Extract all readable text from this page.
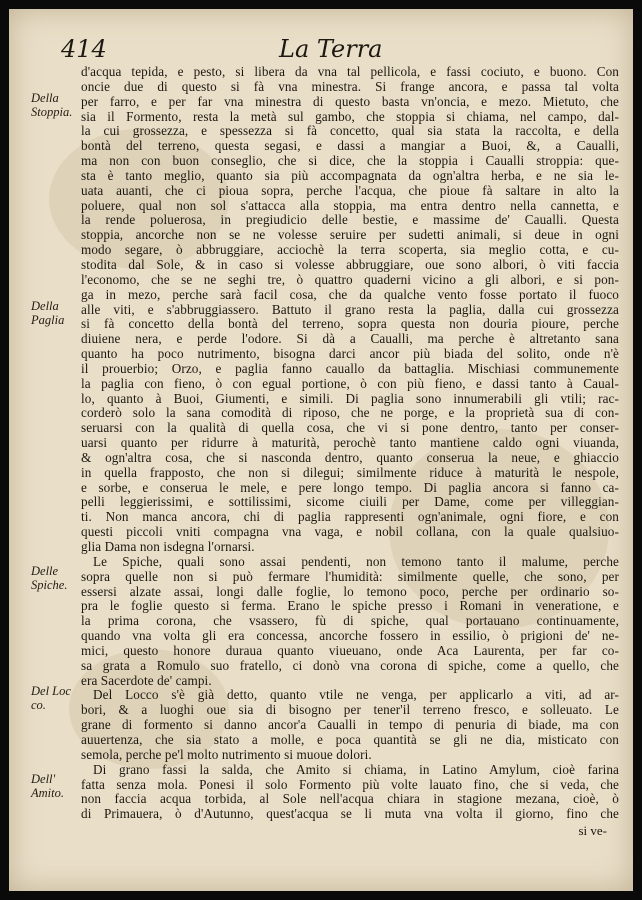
414	La Terra
Della
Stoppia.
Della
Paglia
Delle
Spiche.
Del Loc
co.
Dell'
Amito.
d'acqua tepida, e pesto, si libera da vna tal pellicola, e fassi cociuto, e buono. Con
oncie due di questo si fà vna minestra. Si frange ancora, e passa tal volta
per farro, e per far vna minestra di questo basta vn'oncia, e mezo. Mietuto, che
sia il Formento, resta la metà sul gambo, che stoppia si chiama, nel campo, dal-
la cui grossezza, e spessezza si fà concetto, qual sia stata la raccolta, e della
bontà del terreno, questa segasi, e dassi a mangiar a Buoi, &, a Caualli,
ma non con buon conseglio, che si dice, che la stoppia i Caualli stroppia: que-
sta è tanto meglio, quanto sia più accompagnata da ogn'altra herba, e ne sia le-
uata auanti, che ci pioua sopra, perche l'acqua, che pioue fà saltare in alto la
poluere, qual non sol s'attacca alla stoppia, ma entra dentro nella cannetta, e
la rende poluerosa, in pregiudicio delle bestie, e massime de' Caualli. Questa
stoppia, ancorche non se ne volesse seruire per sudetti animali, si deue in ogni
modo segare, ò abbruggiare, acciochè la terra scoperta, sia meglio cotta, e cu-
stodita dal Sole, & in caso si volesse abbruggiare, oue sono albori, ò viti faccia
l'economo, che se ne seghi tre, ò quattro quaderni vicino a gli albori, e si pon-
ga in mezo, perche sarà facil cosa, che da qualche vento fosse portato il fuoco
alle viti, e s'abbruggiassero. Battuto il grano resta la paglia, dalla cui grossezza
si fà concetto della bontà del terreno, sopra questa non douria pioure, perche
diuiene nera, e perde l'odore. Si dà a Caualli, ma perche è altretanto sana
quanto ha poco nutrimento, bisogna darci ancor più biada del solito, onde n'è
il prouerbio; Orzo, e paglia fanno cauallo da battaglia. Mischiasi communemente
la paglia con fieno, ò con egual portione, ò con più fieno, e dassi tanto à Caual-
lo, quanto à Buoi, Giumenti, e simili. Di paglia sono innumerabili gli vtili; rac-
corderò solo la sana comodità di riposo, che ne porge, e la proprietà sua di con-
seruarsi con la qualità di quella cosa, che vi si pone dentro, tanto per conser-
uarsi quanto per ridurre à maturità, perochè tanto mantiene caldo ogni viuanda,
& ogn'altra cosa, che si nasconda dentro, quanto conserua la neue, e ghiaccio
in quella frapposto, che non si dilegui; similmente riduce à maturità le nespole,
e sorbe, e conserua le mele, e pere longo tempo. Di paglia ancora si fanno ca-
pelli leggierissimi, e sottilissimi, sicome ciuili per Dame, come per villeggian-
ti. Non manca ancora, chi di paglia rappresenti ogn'animale, ogni fiore, e con
questi piccoli vniti compagna vna vaga, e nobil collana, con la quale qualsiuo-
glia Dama non isdegna l'ornarsi.
Le Spiche, quali sono assai pendenti, non temono tanto il malume, perche
sopra quelle non si può fermare l'humidità: similmente quelle, che sono, per
essersi alzate assai, longi dalle foglie, lo temono poco, perche per ordinario so-
pra le foglie questo si ferma. Erano le spiche presso i Romani in veneratione, e
la prima corona, che vsassero, fù di spiche, qual portauano continuamente,
quando vna volta gli era concessa, ancorche fossero in essilio, ò prigioni de' ne-
mici, questo honore duraua quanto viueuano, onde Aca Laurenta, per far co-
sa grata a Romulo suo fratello, ci donò vna corona di spiche, come a quello, che
era Sacerdote de' campi.
Del Locco s'è già detto, quanto vtile ne venga, per applicarlo a viti, ad ar-
bori, & a luoghi oue sia di bisogno per tener'il terreno fresco, e solleuato. Le
grane di formento si danno ancor'a Caualli in tempo di penuria di biade, ma con
auuertenza, che sia stato a molle, e poca quantità se gli ne dia, misticato con
semola, perche pe'l molto nutrimento si muoue dolori.
Di grano fassi la salda, che Amito si chiama, in Latino Amylum, cioè farina
fatta senza mola. Ponesi il solo Formento più volte lauato fino, che si veda, che
non faccia acqua torbida, al Sole nell'acqua chiara in stagione mezana, cioè, ò
di Primauera, ò d'Autunno, quest'acqua se li muta vna volta il giorno, fino che
si ve-
